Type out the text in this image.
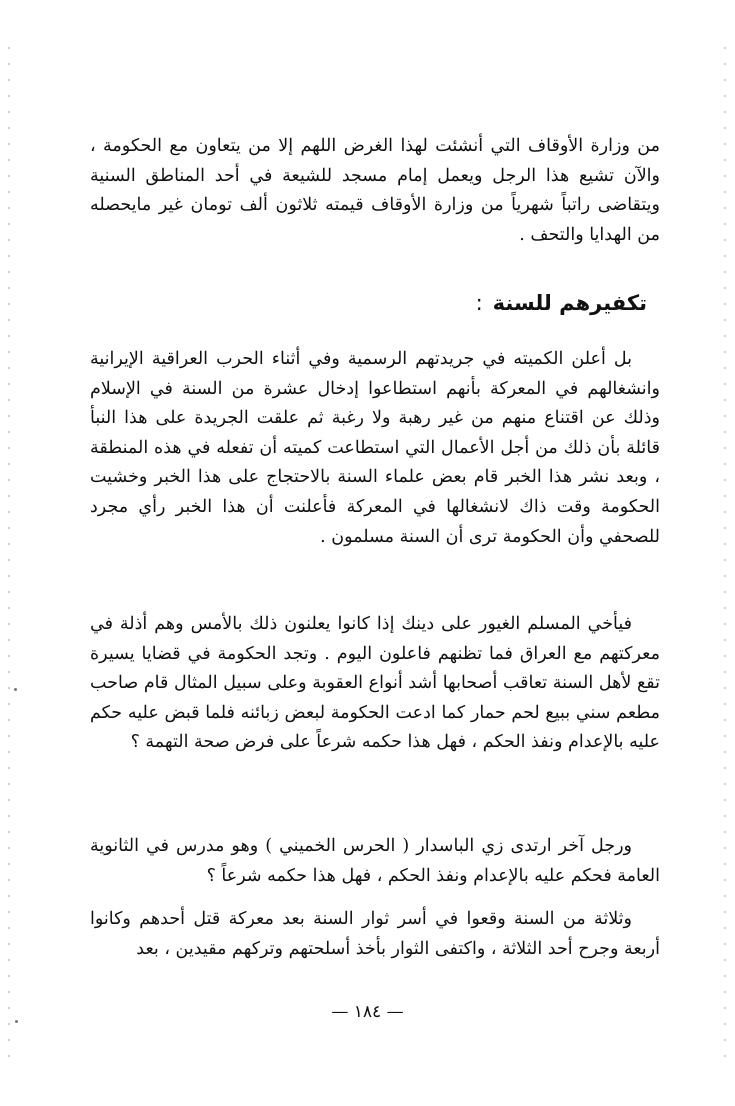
من وزارة الأوقاف التي أنشئت لهذا الغرض اللهم إلا من يتعاون مع الحكومة ، والآن تشيع هذا الرجل ويعمل إمام مسجد للشيعة في أحد المناطق السنية ويتقاضى راتباً شهرياً من وزارة الأوقاف قيمته ثلاثون ألف تومان غير مايحصله من الهدايا والتحف .

تكفيرهم للسنة:

بل أعلن الكميته في جريدتهم الرسمية وفي أثناء الحرب العراقية الإيرانية وانشغالهم في المعركة بأنهم استطاعوا إدخال عشرة من السنة في الإسلام وذلك عن اقتناع منهم من غير رهبة ولا رغبة ثم علقت الجريدة على هذا النبأ قائلة بأن ذلك من أجل الأعمال التي استطاعت كميته أن تفعله في هذه المنطقة ، وبعد نشر هذا الخبر قام بعض علماء السنة بالاحتجاج على هذا الخبر وخشيت الحكومة وقت ذاك لانشغالها في المعركة فأعلنت أن هذا الخبر رأي مجرد للصحفي وأن الحكومة ترى أن السنة مسلمون .

فيأخي المسلم الغيور على دينك إذا كانوا يعلنون ذلك بالأمس وهم أذلة في معركتهم مع العراق فما تظنهم فاعلون اليوم . وتجد الحكومة في قضايا يسيرة تقع لأهل السنة تعاقب أصحابها أشد أنواع العقوبة وعلى سبيل المثال قام صاحب مطعم سني ببيع لحم حمار كما ادعت الحكومة لبعض زبائنه فلما قبض عليه حكم عليه بالإعدام ونفذ الحكم ، فهل هذا حكمه شرعاً على فرض صحة التهمة ؟

ورجل آخر ارتدى زي الباسدار ( الحرس الخميني ) وهو مدرس في الثانوية العامة فحكم عليه بالإعدام ونفذ الحكم ، فهل هذا حكمه شرعاً ؟

وثلاثة من السنة وقعوا في أسر ثوار السنة بعد معركة قتل أحدهم وكانوا أربعة وجرح أحد الثلاثة ، واكتفى الثوار بأخذ أسلحتهم وتركهم مقيدين ، بعد

— ١٨٤ —
